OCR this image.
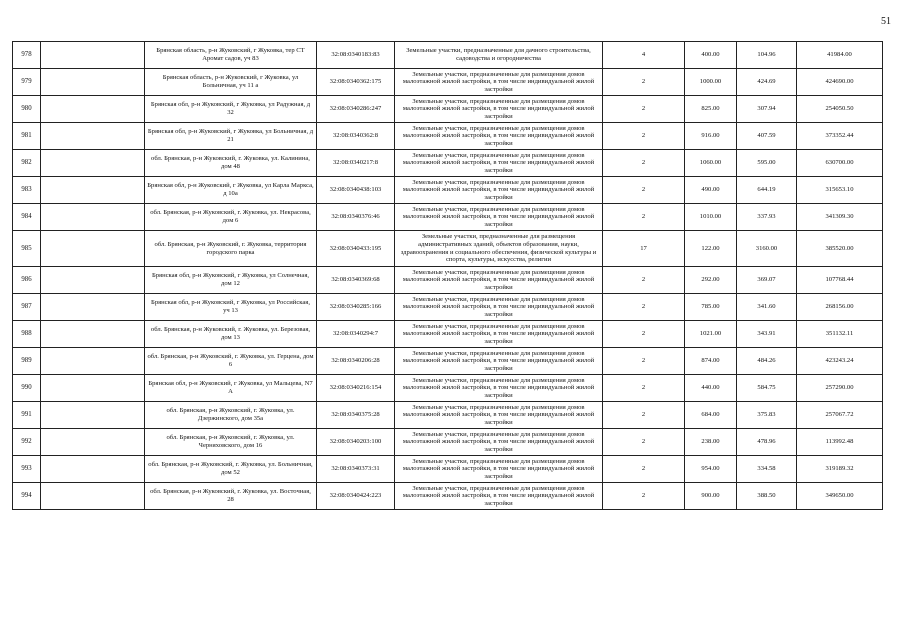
51
978		Брянская область, р-н Жуковский, г Жуковка, тер СТ Аромат садов, уч 83	32:08:0340183:83	Земельные участки, предназначенные для дачного строительства, садоводства и огородничества	4	400.00	104.96	41984.00
979		Брянская область, р-н Жуковский, г Жуковка, ул Больничная, уч 11 а	32:08:0340362:175	Земельные участки, предназначенные для размещения домов малоэтажной жилой застройки, в том числе индивидуальной жилой застройки	2	1000.00	424.69	424690.00
980		Брянская обл, р-н Жуковский, г Жуковка, ул Радужная, д 32	32:08:0340286:247	Земельные участки, предназначенные для размещения домов малоэтажной жилой застройки, в том числе индивидуальной жилой застройки	2	825.00	307.94	254050.50
981		Брянская обл, р-н Жуковский, г Жуковка, ул Больничная, д 21	32:08:0340362:8	Земельные участки, предназначенные для размещения домов малоэтажной жилой застройки, в том числе индивидуальной жилой застройки	2	916.00	407.59	373352.44
982		обл. Брянская, р-н Жуковский, г. Жуковка, ул. Калинина, дом 48	32:08:0340217:8	Земельные участки, предназначенные для размещения домов малоэтажной жилой застройки, в том числе индивидуальной жилой застройки	2	1060.00	595.00	630700.00
983		Брянская обл, р-н Жуковский, г Жуковка, ул Карла Маркса, д 10а	32:08:0340438:103	Земельные участки, предназначенные для размещения домов малоэтажной жилой застройки, в том числе индивидуальной жилой застройки	2	490.00	644.19	315653.10
984		обл. Брянская, р-н Жуковский, г. Жуковка, ул. Некрасова, дом 6	32:08:0340376:46	Земельные участки, предназначенные для размещения домов малоэтажной жилой застройки, в том числе индивидуальной жилой застройки	2	1010.00	337.93	341309.30
985		обл. Брянская, р-н Жуковский, г. Жуковка, территория городского парка	32:08:0340433:195	Земельные участки, предназначенные для размещения административных зданий, объектов образования, науки, здравоохранения и социального обеспечения, физической культуры и спорта, культуры, искусства, религии	17	122.00	3160.00	385520.00
986		Брянская обл, р-н Жуковский, г Жуковка, ул Солнечная, дом 12	32:08:0340369:68	Земельные участки, предназначенные для размещения домов малоэтажной жилой застройки, в том числе индивидуальной жилой застройки	2	292.00	369.07	107768.44
987		Брянская обл, р-н Жуковский, г Жуковка, ул Российская, уч 13	32:08:0340285:166	Земельные участки, предназначенные для размещения домов малоэтажной жилой застройки, в том числе индивидуальной жилой застройки	2	785.00	341.60	268156.00
988		обл. Брянская, р-н Жуковский, г. Жуковка, ул. Березовая, дом 13	32:08:0340294:7	Земельные участки, предназначенные для размещения домов малоэтажной жилой застройки, в том числе индивидуальной жилой застройки	2	1021.00	343.91	351132.11
989		обл. Брянская, р-н Жуковский, г. Жуковка, ул. Герцена, дом 6	32:08:0340206:28	Земельные участки, предназначенные для размещения домов малоэтажной жилой застройки, в том числе индивидуальной жилой застройки	2	874.00	484.26	423243.24
990		Брянская обл, р-н Жуковский, г Жуковка, ул Мальцева, N7 А	32:08:0340216:154	Земельные участки, предназначенные для размещения домов малоэтажной жилой застройки, в том числе индивидуальной жилой застройки	2	440.00	584.75	257290.00
991		обл. Брянская, р-н Жуковский, г. Жуковка, ул. Дзержинского, дом 35а	32:08:0340375:28	Земельные участки, предназначенные для размещения домов малоэтажной жилой застройки, в том числе индивидуальной жилой застройки	2	684.00	375.83	257067.72
992		обл. Брянская, р-н Жуковский, г. Жуковка, ул. Черняховского, дом 16	32:08:0340203:100	Земельные участки, предназначенные для размещения домов малоэтажной жилой застройки, в том числе индивидуальной жилой застройки	2	238.00	478.96	113992.48
993		обл. Брянская, р-н Жуковский, г. Жуковка, ул. Больничная, дом 52	32:08:0340373:31	Земельные участки, предназначенные для размещения домов малоэтажной жилой застройки, в том числе индивидуальной жилой застройки	2	954.00	334.58	319189.32
994		обл. Брянская, р-н Жуковский, г. Жуковка, ул. Восточная, 28	32:08:0340424:223	Земельные участки, предназначенные для размещения домов малоэтажной жилой застройки, в том числе индивидуальной жилой застройки	2	900.00	388.50	349650.00
